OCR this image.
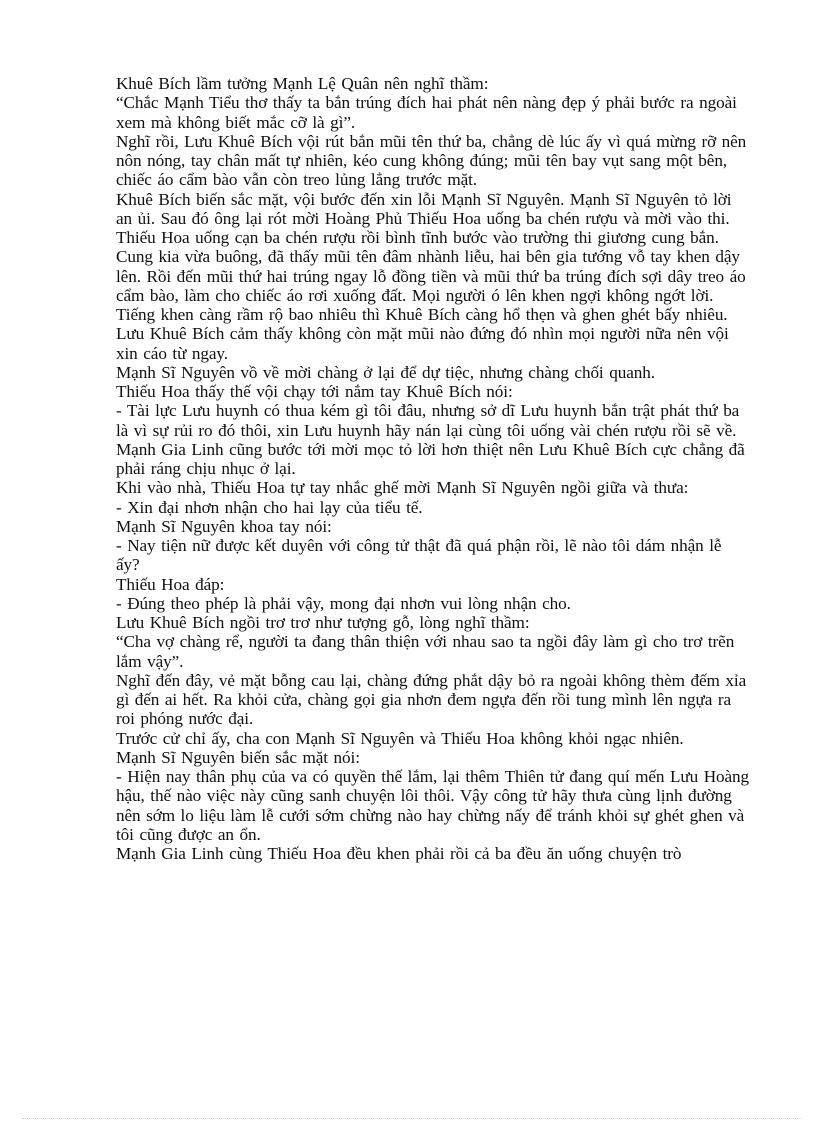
Khuê Bích lầm tưởng Mạnh Lệ Quân nên nghĩ thầm:

“Chắc Mạnh Tiểu thơ thấy ta bắn trúng đích hai phát nên nàng đẹp ý phải bước ra ngoài xem mà không biết mắc cỡ là gì”.

Nghĩ rồi, Lưu Khuê Bích vội rút bắn mũi tên thứ ba, chẳng dè lúc ấy vì quá mừng rỡ nên nôn nóng, tay chân mất tự nhiên, kéo cung không đúng; mũi tên bay vụt sang một bên, chiếc áo cẩm bào vẫn còn treo lủng lẳng trước mặt.

Khuê Bích biến sắc mặt, vội bước đến xin lỗi Mạnh Sĩ Nguyên. Mạnh Sĩ Nguyên tỏ lời an ủi. Sau đó ông lại rót mời Hoàng Phủ Thiếu Hoa uống ba chén rượu và mời vào thi.

Thiếu Hoa uống cạn ba chén rượu rồi bình tĩnh bước vào trường thi giương cung bắn. Cung kia vừa buông, đã thấy mũi tên đâm nhành liễu, hai bên gia tướng vỗ tay khen dậy lên. Rồi đến mũi thứ hai trúng ngay lỗ đồng tiền và mũi thứ ba trúng đích sợi dây treo áo cẩm bào, làm cho chiếc áo rơi xuống đất. Mọi người ó lên khen ngợi không ngớt lời.

Tiếng khen càng rầm rộ bao nhiêu thì Khuê Bích càng hổ thẹn và ghen ghét bấy nhiêu. Lưu Khuê Bích cảm thấy không còn mặt mũi nào đứng đó nhìn mọi người nữa nên vội xin cáo từ ngay.

Mạnh Sĩ Nguyên vồ về mời chàng ở lại để dự tiệc, nhưng chàng chối quanh.

Thiếu Hoa thấy thế vội chạy tới nắm tay Khuê Bích nói:

- Tài lực Lưu huynh có thua kém gì tôi đâu, nhưng sở dĩ Lưu huynh bắn trật phát thứ ba là vì sự rủi ro đó thôi, xin Lưu huynh hãy nán lại cùng tôi uống vài chén rượu rồi sẽ về.

Mạnh Gia Linh cũng bước tới mời mọc tỏ lời hơn thiệt nên Lưu Khuê Bích cực chẳng đã phải ráng chịu nhục ở lại.

Khi vào nhà, Thiếu Hoa tự tay nhắc ghế mời Mạnh Sĩ Nguyên ngồi giữa và thưa:

- Xin đại nhơn nhận cho hai lạy của tiểu tế.

Mạnh Sĩ Nguyên khoa tay nói:

- Nay tiện nữ được kết duyên với công tử thật đã quá phận rồi, lẽ nào tôi dám nhận lễ ấy?

Thiếu Hoa đáp:

- Đúng theo phép là phải vậy, mong đại nhơn vui lòng nhận cho.

Lưu Khuê Bích ngồi trơ trơ như tượng gỗ, lòng nghĩ thầm:

“Cha vợ chàng rể, người ta đang thân thiện với nhau sao ta ngồi đây làm gì cho trơ trẽn lắm vậy”.

Nghĩ đến đây, vẻ mặt bỗng cau lại, chàng đứng phắt dậy bỏ ra ngoài không thèm đếm xỉa gì đến ai hết. Ra khỏi cửa, chàng gọi gia nhơn đem ngựa đến rồi tung mình lên ngựa ra roi phóng nước đại.

Trước cử chỉ ấy, cha con Mạnh Sĩ Nguyên và Thiếu Hoa không khỏi ngạc nhiên.

Mạnh Sĩ Nguyên biến sắc mặt nói:

- Hiện nay thân phụ của va có quyền thế lắm, lại thêm Thiên tử đang quí mến Lưu Hoàng hậu, thế nào việc này cũng sanh chuyện lôi thôi. Vậy công tử hãy thưa cùng lịnh đường nên sớm lo liệu làm lễ cưới sớm chừng nào hay chừng nấy để tránh khỏi sự ghét ghen và tôi cũng được an ổn.

Mạnh Gia Linh cùng Thiếu Hoa đều khen phải rồi cả ba đều ăn uống chuyện trò
